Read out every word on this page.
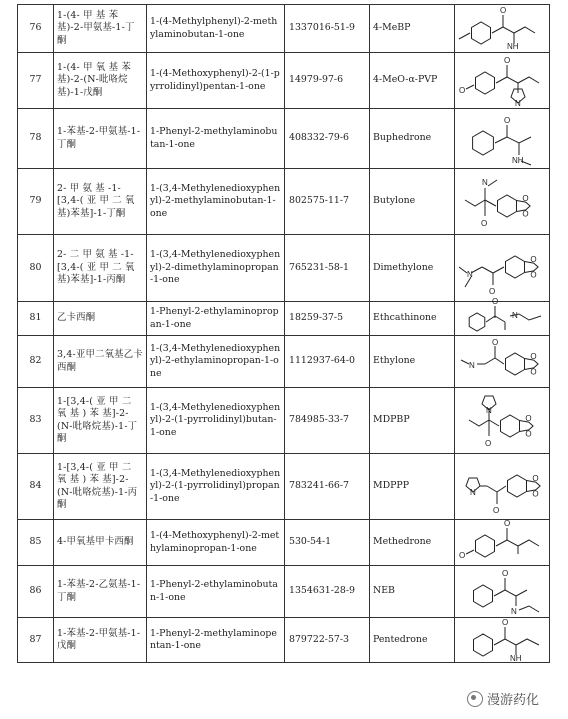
76	1-(4- 甲 基 苯 基)-2-甲氨基-1-丁酮	1-(4-Methylphenyl)-2-methylaminobutan-1-one	1337016-51-9	4-MeBP	O
NH

77	1-(4- 甲 氧 基 苯 基)-2-(N-吡咯烷基)-1-戊酮	1-(4-Methoxyphenyl)-2-(1-pyrrolidinyl)pentan-1-one	14979-97-6	4-MeO-α-PVP	O
N
O

78	1-苯基-2-甲氨基-1-丁酮	1-Phenyl-2-methylaminobutan-1-one	408332-79-6	Buphedrone	O
NH

79	2- 甲 氨 基 -1-[3,4-( 亚 甲 二 氧基)苯基]-1-丁酮	1-(3,4-Methylenedioxyphenyl)-2-methylaminobutan-1-one	802575-11-7	Butylone	O
O
N
O

80	2- 二 甲 氨 基 -1-[3,4-( 亚 甲 二 氧基)苯基]-1-丙酮	1-(3,4-Methylenedioxyphenyl)-2-dimethylaminopropan-1-one	765231-58-1	Dimethylone	O
O
O
N

81	乙卡西酮	1-Phenyl-2-ethylaminopropan-1-one	18259-37-5	Ethcathinone	O
N

82	3,4-亚甲二氧基乙卡西酮	1-(3,4-Methylenedioxyphenyl)-2-ethylaminopropan-1-one	1112937-64-0	Ethylone	O
O
O
N

83	1-[3,4-( 亚 甲 二 氧 基 ) 苯 基]-2-(N-吡咯烷基)-1-丁酮	1-(3,4-Methylenedioxyphenyl)-2-(1-pyrrolidinyl)butan-1-one	784985-33-7	MDPBP	O
O
N
O

84	1-[3,4-( 亚 甲 二 氧 基 ) 苯 基]-2-(N-吡咯烷基)-1-丙酮	1-(3,4-Methylenedioxyphenyl)-2-(1-pyrrolidinyl)propan-1-one	783241-66-7	MDPPP	O
O
O
N

85	4-甲氧基甲卡西酮	1-(4-Methoxyphenyl)-2-methylaminopropan-1-one	530-54-1	Methedrone	O
O

86	1-苯基-2-乙氨基-1-丁酮	1-Phenyl-2-ethylaminobutan-1-one	1354631-28-9	NEB	O
N

87	1-苯基-2-甲氨基-1-戊酮	1-Phenyl-2-methylaminopentan-1-one	879722-57-3	Pentedrone	O
NH
漫游药化
